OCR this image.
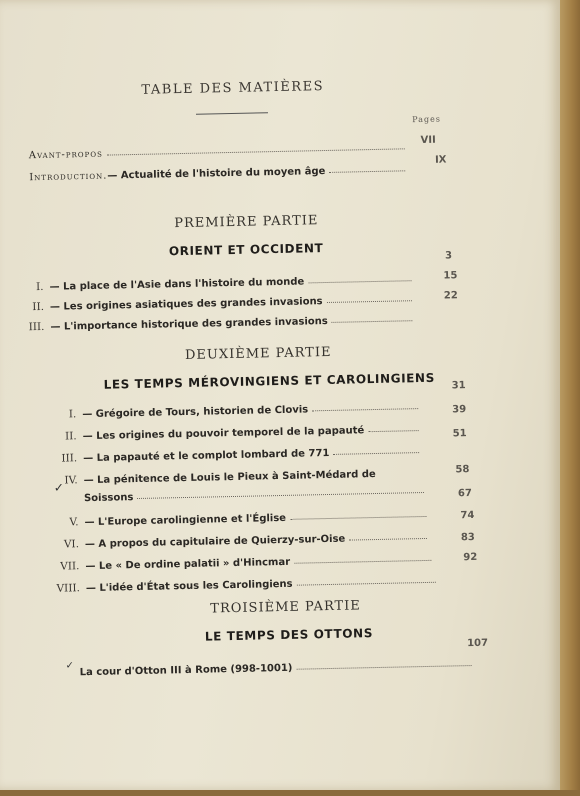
TABLE DES MATIÈRES
Pages
Avant-propos
VII
Introduction. — Actualité de l'histoire du moyen âge
IX
PREMIÈRE PARTIE
ORIENT ET OCCIDENT
I. — La place de l'Asie dans l'histoire du monde
3
II. — Les origines asiatiques des grandes invasions
15
III. — L'importance historique des grandes invasions
22
DEUXIÈME PARTIE
LES TEMPS MÉROVINGIENS ET CAROLINGIENS
I. — Grégoire de Tours, historien de Clovis
31
II. — Les origines du pouvoir temporel de la papauté
39
III. — La papauté et le complot lombard de 771
51
✓
IV. — La pénitence de Louis le Pieux à Saint-Médard de
Soissons
58
V. — L'Europe carolingienne et l'Église
67
VI. — A propos du capitulaire de Quierzy-sur-Oise
74
VII. — Le « De ordine palatii » d'Hincmar
83
VIII. — L'idée d'État sous les Carolingiens
92
TROISIÈME PARTIE
LE TEMPS DES OTTONS
✓ La cour d'Otton III à Rome (998-1001)
107
